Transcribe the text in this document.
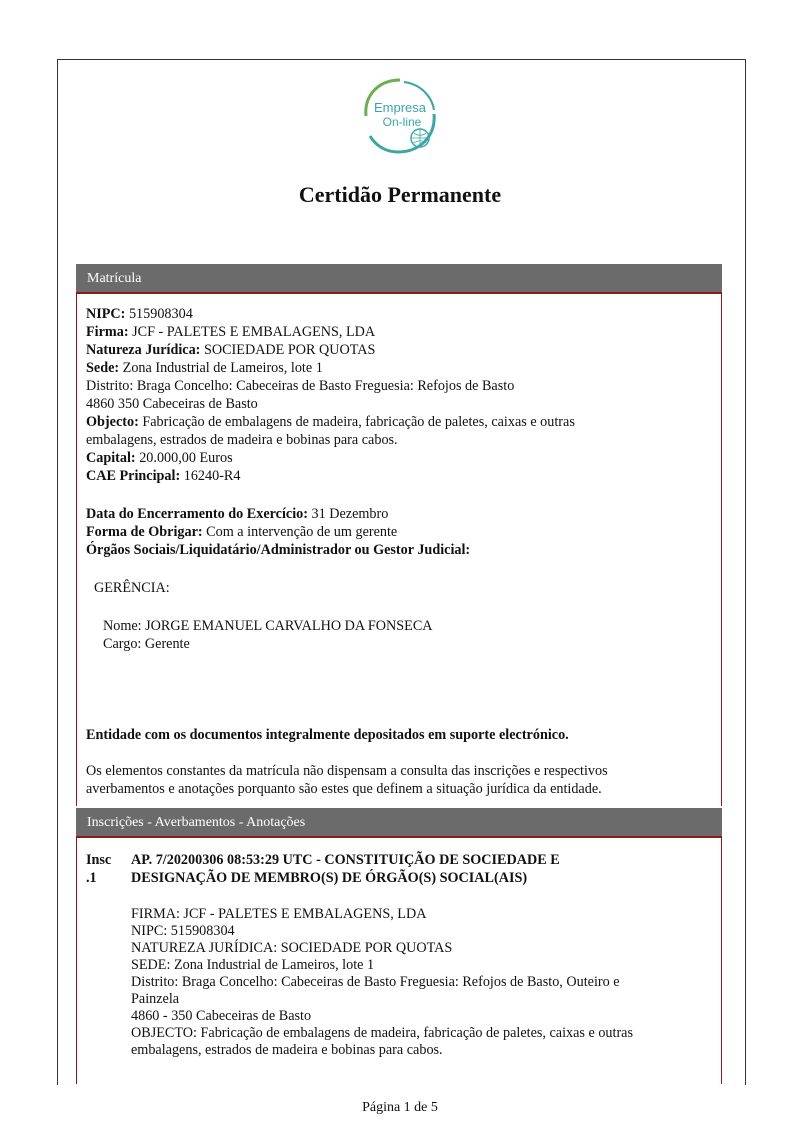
Empresa
On-line
Certidão Permanente
Matrícula
NIPC: 515908304
Firma: JCF - PALETES E EMBALAGENS, LDA
Natureza Jurídica: SOCIEDADE POR QUOTAS
Sede: Zona Industrial de Lameiros, lote 1
Distrito: Braga Concelho: Cabeceiras de Basto Freguesia: Refojos de Basto
4860 350 Cabeceiras de Basto
Objecto: Fabricação de embalagens de madeira, fabricação de paletes, caixas e outras
embalagens, estrados de madeira e bobinas para cabos.
Capital: 20.000,00 Euros
CAE Principal: 16240-R4
Data do Encerramento do Exercício: 31 Dezembro
Forma de Obrigar: Com a intervenção de um gerente
Órgãos Sociais/Liquidatário/Administrador ou Gestor Judicial:
GERÊNCIA:
Nome: JORGE EMANUEL CARVALHO DA FONSECA
Cargo: Gerente
Entidade com os documentos integralmente depositados em suporte electrónico.
Os elementos constantes da matrícula não dispensam a consulta das inscrições e respectivos
averbamentos e anotações porquanto são estes que definem a situação jurídica da entidade.
Inscrições - Averbamentos - Anotações
Insc
.1
AP. 7/20200306 08:53:29 UTC - CONSTITUIÇÃO DE SOCIEDADE E
DESIGNAÇÃO DE MEMBRO(S) DE ÓRGÃO(S) SOCIAL(AIS)
FIRMA: JCF - PALETES E EMBALAGENS, LDA
NIPC: 515908304
NATUREZA JURÍDICA: SOCIEDADE POR QUOTAS
SEDE: Zona Industrial de Lameiros, lote 1
Distrito: Braga Concelho: Cabeceiras de Basto Freguesia: Refojos de Basto, Outeiro e
Painzela
4860 - 350 Cabeceiras de Basto
OBJECTO: Fabricação de embalagens de madeira, fabricação de paletes, caixas e outras
embalagens, estrados de madeira e bobinas para cabos.
Página 1 de 5
